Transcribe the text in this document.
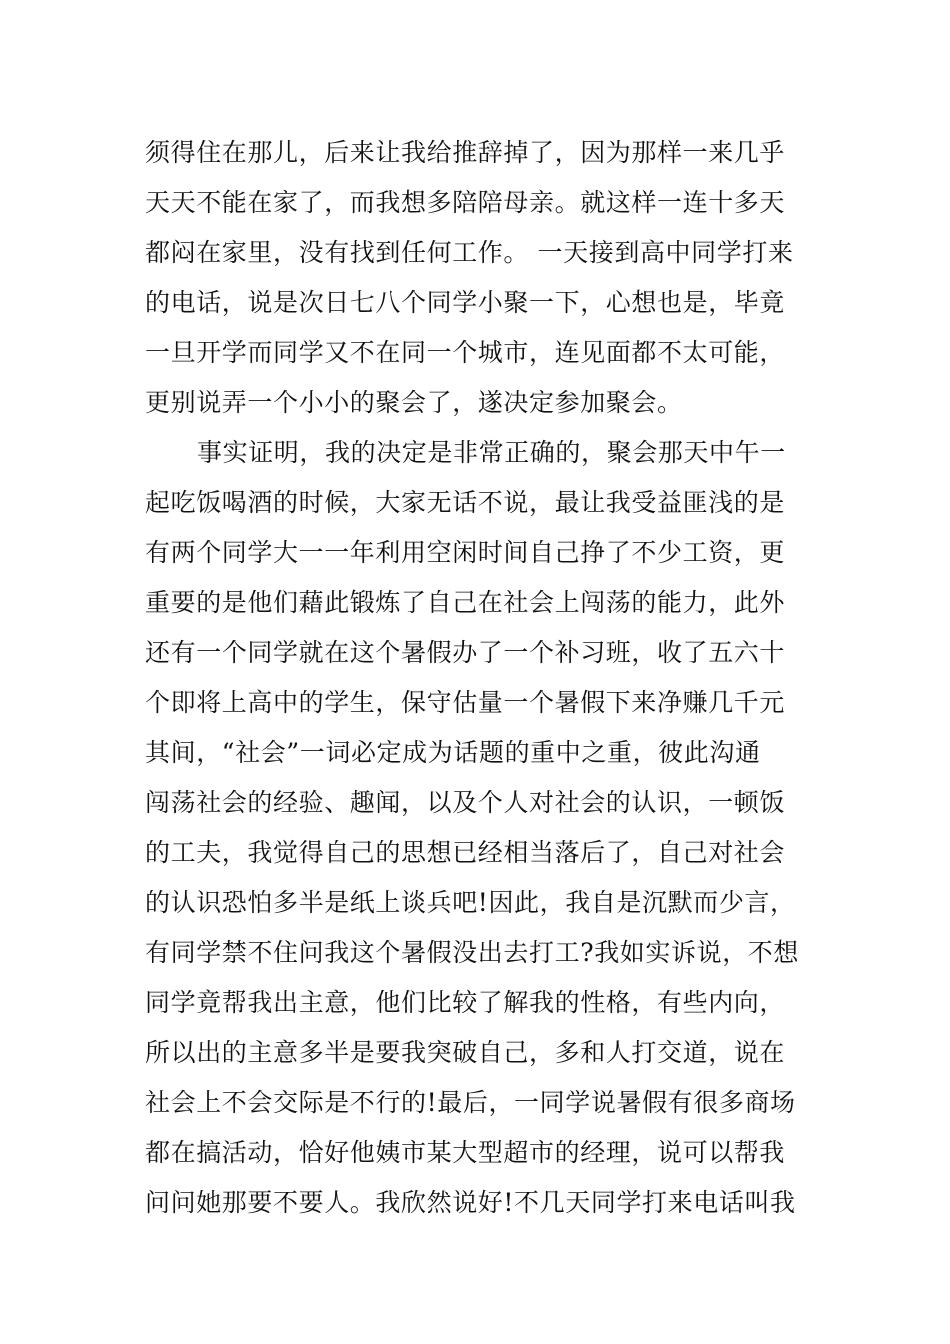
须得住在那儿，后来让我给推辞掉了，因为那样一来几乎
天天不能在家了，而我想多陪陪母亲。就这样一连十多天
都闷在家里，没有找到任何工作。 一天接到高中同学打来
的电话，说是次日七八个同学小聚一下，心想也是，毕竟
一旦开学而同学又不在同一个城市，连见面都不太可能，
更别说弄一个小小的聚会了，遂决定参加聚会。
事实证明，我的决定是非常正确的，聚会那天中午一
起吃饭喝酒的时候，大家无话不说，最让我受益匪浅的是
有两个同学大一一年利用空闲时间自己挣了不少工资，更
重要的是他们藉此锻炼了自己在社会上闯荡的能力，此外
还有一个同学就在这个暑假办了一个补习班，收了五六十
个即将上高中的学生，保守估量一个暑假下来净赚几千元
其间，“社会”一词必定成为话题的重中之重，彼此沟通
闯荡社会的经验、趣闻，以及个人对社会的认识，一顿饭
的工夫，我觉得自己的思想已经相当落后了，自己对社会
的认识恐怕多半是纸上谈兵吧!因此，我自是沉默而少言，
有同学禁不住问我这个暑假没出去打工?我如实诉说，不想
同学竟帮我出主意，他们比较了解我的性格，有些内向，
所以出的主意多半是要我突破自己，多和人打交道，说在
社会上不会交际是不行的!最后，一同学说暑假有很多商场
都在搞活动，恰好他姨市某大型超市的经理，说可以帮我
问问她那要不要人。我欣然说好!不几天同学打来电话叫我
